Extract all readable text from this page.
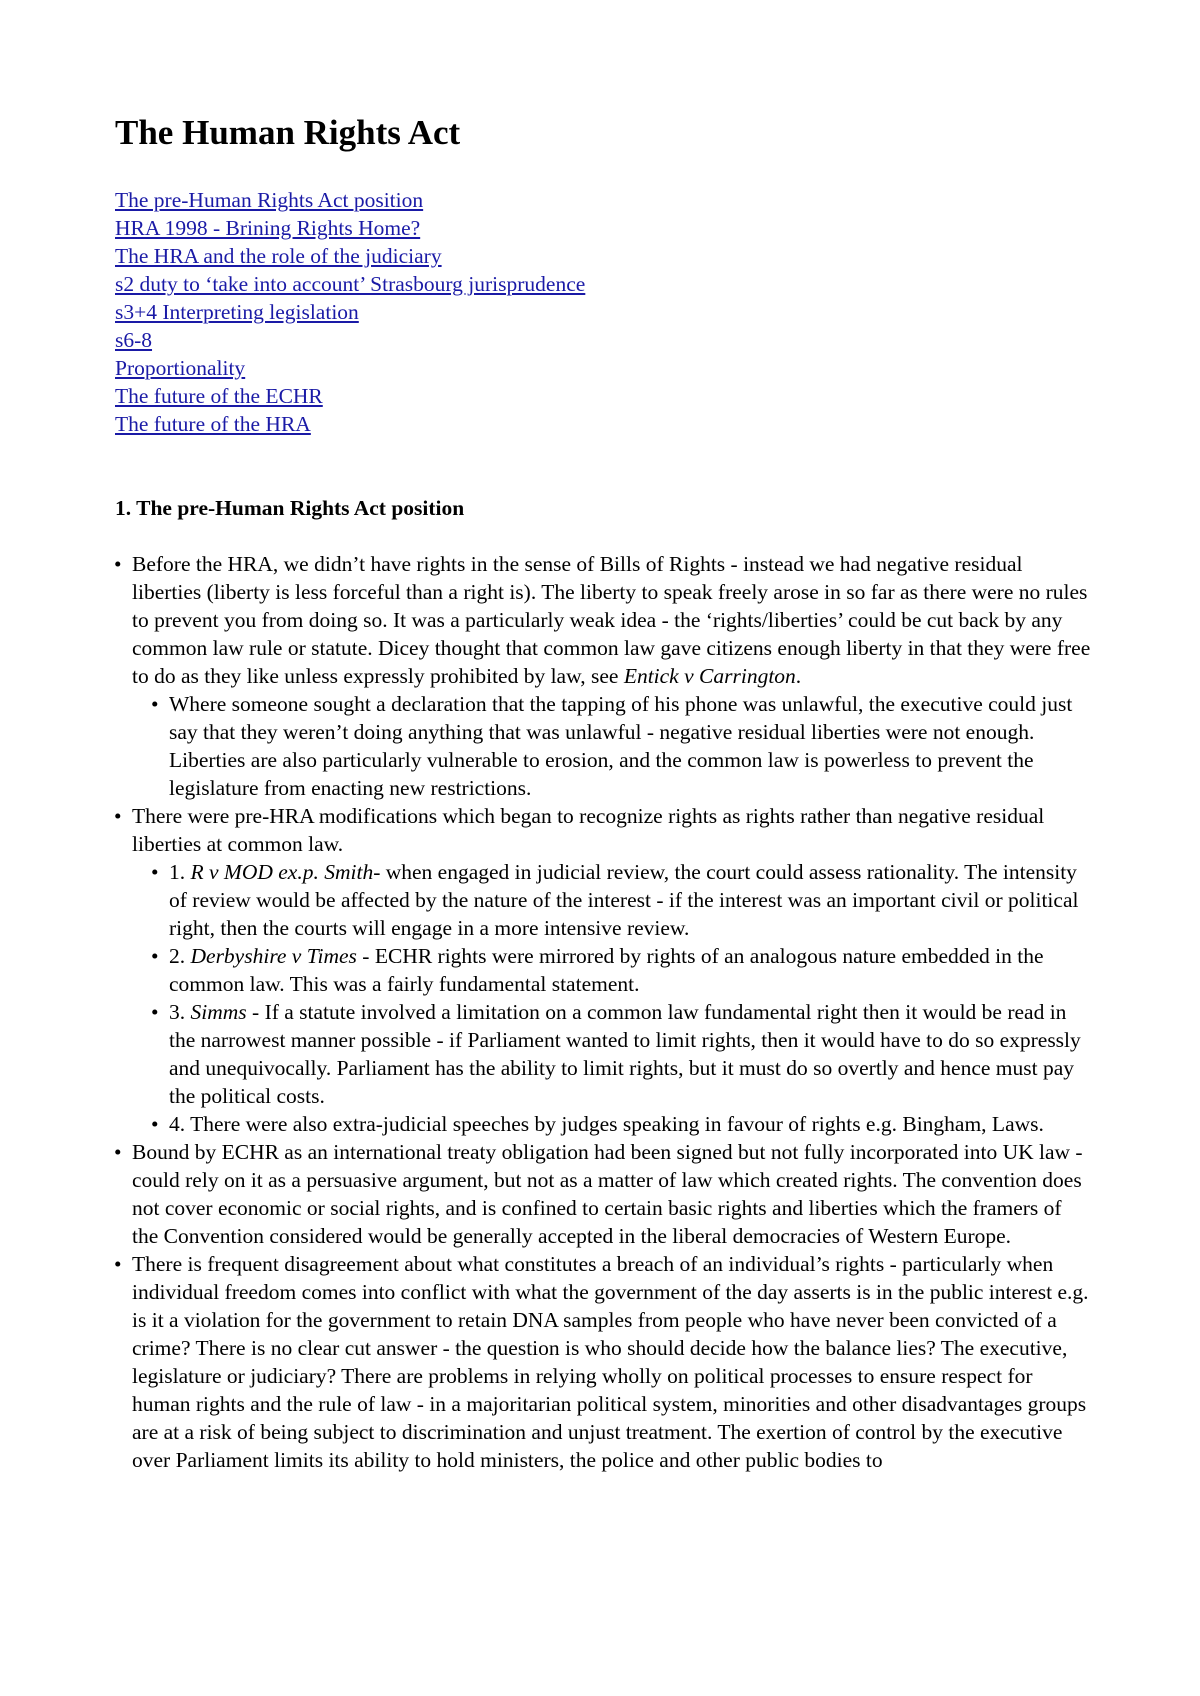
The Human Rights Act
The pre-Human Rights Act position
HRA 1998 - Brining Rights Home?
The HRA and the role of the judiciary
s2 duty to ‘take into account’ Strasbourg jurisprudence
s3+4 Interpreting legislation
s6-8
Proportionality
The future of the ECHR
The future of the HRA
1. The pre-Human Rights Act position
• Before the HRA, we didn’t have rights in the sense of Bills of Rights - instead we had negative residual liberties (liberty is less forceful than a right is). The liberty to speak freely arose in so far as there were no rules to prevent you from doing so. It was a particularly weak idea - the ‘rights/liberties’ could be cut back by any common law rule or statute. Dicey thought that common law gave citizens enough liberty in that they were free to do as they like unless expressly prohibited by law, see Entick v Carrington.
• Where someone sought a declaration that the tapping of his phone was unlawful, the executive could just say that they weren’t doing anything that was unlawful - negative residual liberties were not enough. Liberties are also particularly vulnerable to erosion, and the common law is powerless to prevent the legislature from enacting new restrictions.
• There were pre-HRA modifications which began to recognize rights as rights rather than negative residual liberties at common law.
• 1. R v MOD ex.p. Smith- when engaged in judicial review, the court could assess rationality. The intensity of review would be affected by the nature of the interest - if the interest was an important civil or political right, then the courts will engage in a more intensive review.
• 2. Derbyshire v Times - ECHR rights were mirrored by rights of an analogous nature embedded in the common law. This was a fairly fundamental statement.
• 3. Simms - If a statute involved a limitation on a common law fundamental right then it would be read in the narrowest manner possible - if Parliament wanted to limit rights, then it would have to do so expressly and unequivocally. Parliament has the ability to limit rights, but it must do so overtly and hence must pay the political costs.
• 4. There were also extra-judicial speeches by judges speaking in favour of rights e.g. Bingham, Laws.
• Bound by ECHR as an international treaty obligation had been signed but not fully incorporated into UK law - could rely on it as a persuasive argument, but not as a matter of law which created rights. The convention does not cover economic or social rights, and is confined to certain basic rights and liberties which the framers of the Convention considered would be generally accepted in the liberal democracies of Western Europe.
• There is frequent disagreement about what constitutes a breach of an individual’s rights - particularly when individual freedom comes into conflict with what the government of the day asserts is in the public interest e.g. is it a violation for the government to retain DNA samples from people who have never been convicted of a crime? There is no clear cut answer - the question is who should decide how the balance lies? The executive, legislature or judiciary? There are problems in relying wholly on political processes to ensure respect for human rights and the rule of law - in a majoritarian political system, minorities and other disadvantages groups are at a risk of being subject to discrimination and unjust treatment. The exertion of control by the executive over Parliament limits its ability to hold ministers, the police and other public bodies to
